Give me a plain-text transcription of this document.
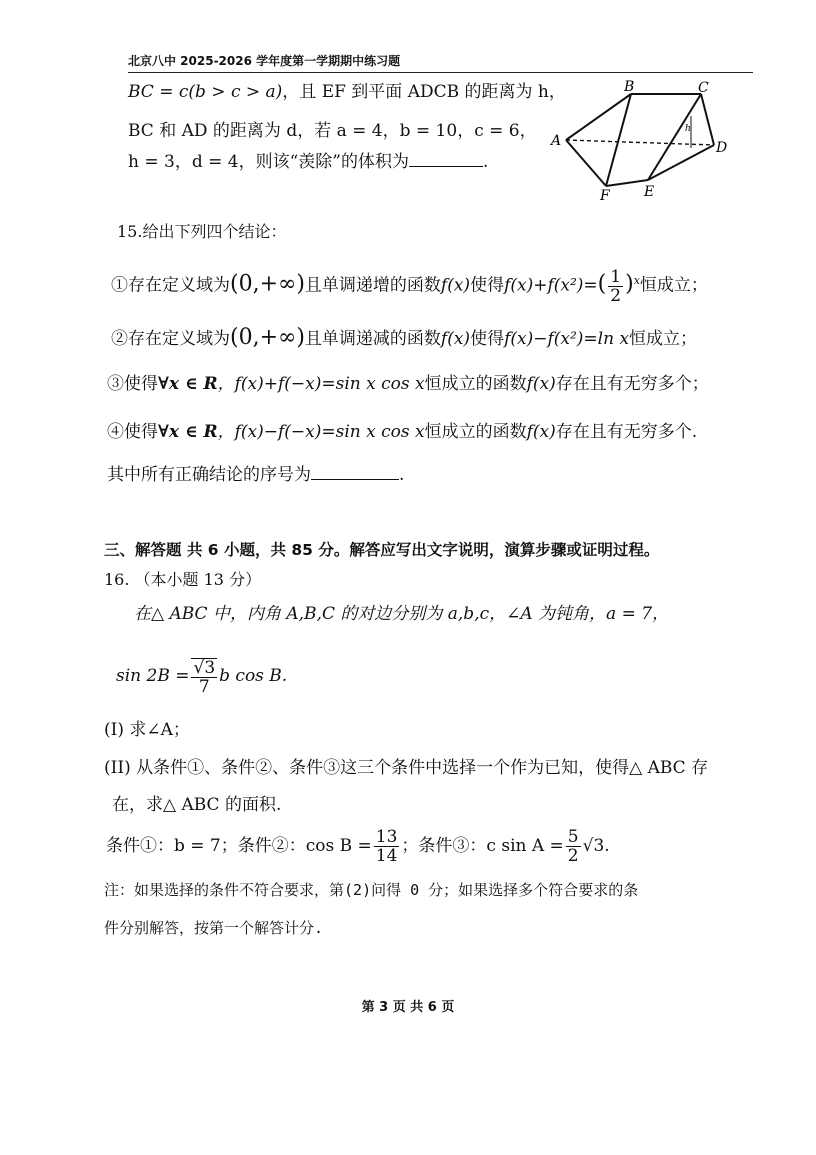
北京八中 2025-2026 学年度第一学期期中练习题
BC = c(b > c > a)，且 EF 到平面 ADCB 的距离为 h，
BC 和 AD 的距离为 d，若 a = 4，b = 10，c = 6，
h = 3，d = 4，则该“羡除”的体积为	.
A
B	C
D
E
F
h
15.给出下列四个结论：
①存在定义域为(0,+∞)且单调递增的函数f(x)使得$f(x)+f(x^2)=( \frac{1}{2} )^x$恒成立；
②存在定义域为(0,+∞)且单调递减的函数f(x)使得f(x)−f(x²)=ln x恒成立；
③使得∀x ∈ R，f(x)+f(−x)=sin x cos x恒成立的函数f(x)存在且有无穷多个；
④使得∀x ∈ R，f(x)−f(−x)=sin x cos x恒成立的函数f(x)存在且有无穷多个.
其中所有正确结论的序号为	.
三、解答题 共 6 小题，共 85 分。解答应写出文字说明，演算步骤或证明过程。
16. （本小题 13 分）
在△ ABC 中，内角 A,B,C 的对边分别为 a,b,c，∠A 为钝角，a = 7，
$\sin 2B = \frac{√3}{7}$ b cos B.
(I) 求∠A；
(II) 从条件①、条件②、条件③这三个条件中选择一个作为已知，使得△ ABC 存
在，求△ ABC 的面积.
条件①：b = 7；条件②：$\cos B = \frac{13}{14}$ ；条件③：c $\sin A = \frac{5}{2} √3$.
注：如果选择的条件不符合要求，第(2)问得 0 分；如果选择多个符合要求的条
件分别解答，按第一个解答计分.
第 3 页 共 6 页
